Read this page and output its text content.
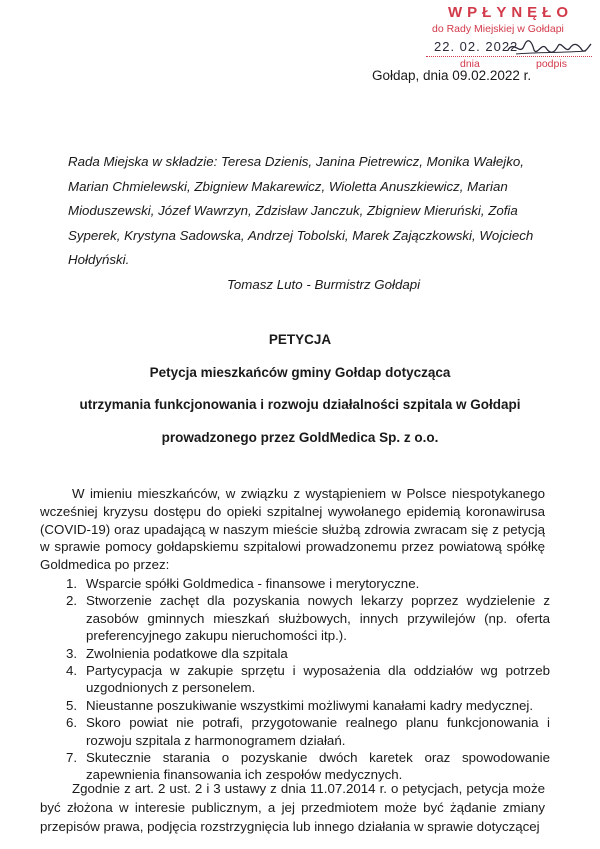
WPŁYNĘŁO
do Rady Miejskiej w Gołdapi
22. 02. 2022
dnia	podpis
Gołdap, dnia 09.02.2022 r.

Rada Miejska w składzie: Teresa Dzienis, Janina Pietrewicz, Monika Wałejko, Marian Chmielewski, Zbigniew Makarewicz, Wioletta Anuszkiewicz, Marian Mioduszewski, Józef Wawrzyn, Zdzisław Janczuk, Zbigniew Mieruński, Zofia Syperek, Krystyna Sadowska, Andrzej Tobolski, Marek Zajączkowski, Wojciech Hołdyński.

Tomasz Luto - Burmistrz Gołdapi
PETYCJA
Petycja mieszkańców gminy Gołdap dotycząca
utrzymania funkcjonowania i rozwoju działalności szpitala w Gołdapi
prowadzonego przez GoldMedica Sp. z o.o.

W imieniu mieszkańców, w związku z wystąpieniem w Polsce niespotykanego wcześniej kryzysu dostępu do opieki szpitalnej wywołanego epidemią koronawirusa (COVID-19) oraz upadającą w naszym mieście służbą zdrowia zwracam się z petycją w sprawie pomocy gołdapskiemu szpitalowi prowadzonemu przez powiatową spółkę Goldmedica po przez:

1. Wsparcie spółki Goldmedica - finansowe i merytoryczne.
2. Stworzenie zachęt dla pozyskania nowych lekarzy poprzez wydzielenie z zasobów gminnych mieszkań służbowych, innych przywilejów (np. oferta preferencyjnego zakupu nieruchomości itp.).
3. Zwolnienia podatkowe dla szpitala
4. Partycypacja w zakupie sprzętu i wyposażenia dla oddziałów wg potrzeb uzgodnionych z personelem.
5. Nieustanne poszukiwanie wszystkimi możliwymi kanałami kadry medycznej.
6. Skoro powiat nie potrafi, przygotowanie realnego planu funkcjonowania i rozwoju szpitala z harmonogramem działań.
7. Skutecznie starania o pozyskanie dwóch karetek oraz spowodowanie zapewnienia finansowania ich zespołów medycznych.

Zgodnie z art. 2 ust. 2 i 3 ustawy z dnia 11.07.2014 r. o petycjach, petycja może być złożona w interesie publicznym, a jej przedmiotem może być żądanie zmiany przepisów prawa, podjęcia rozstrzygnięcia lub innego działania w sprawie dotyczącej
